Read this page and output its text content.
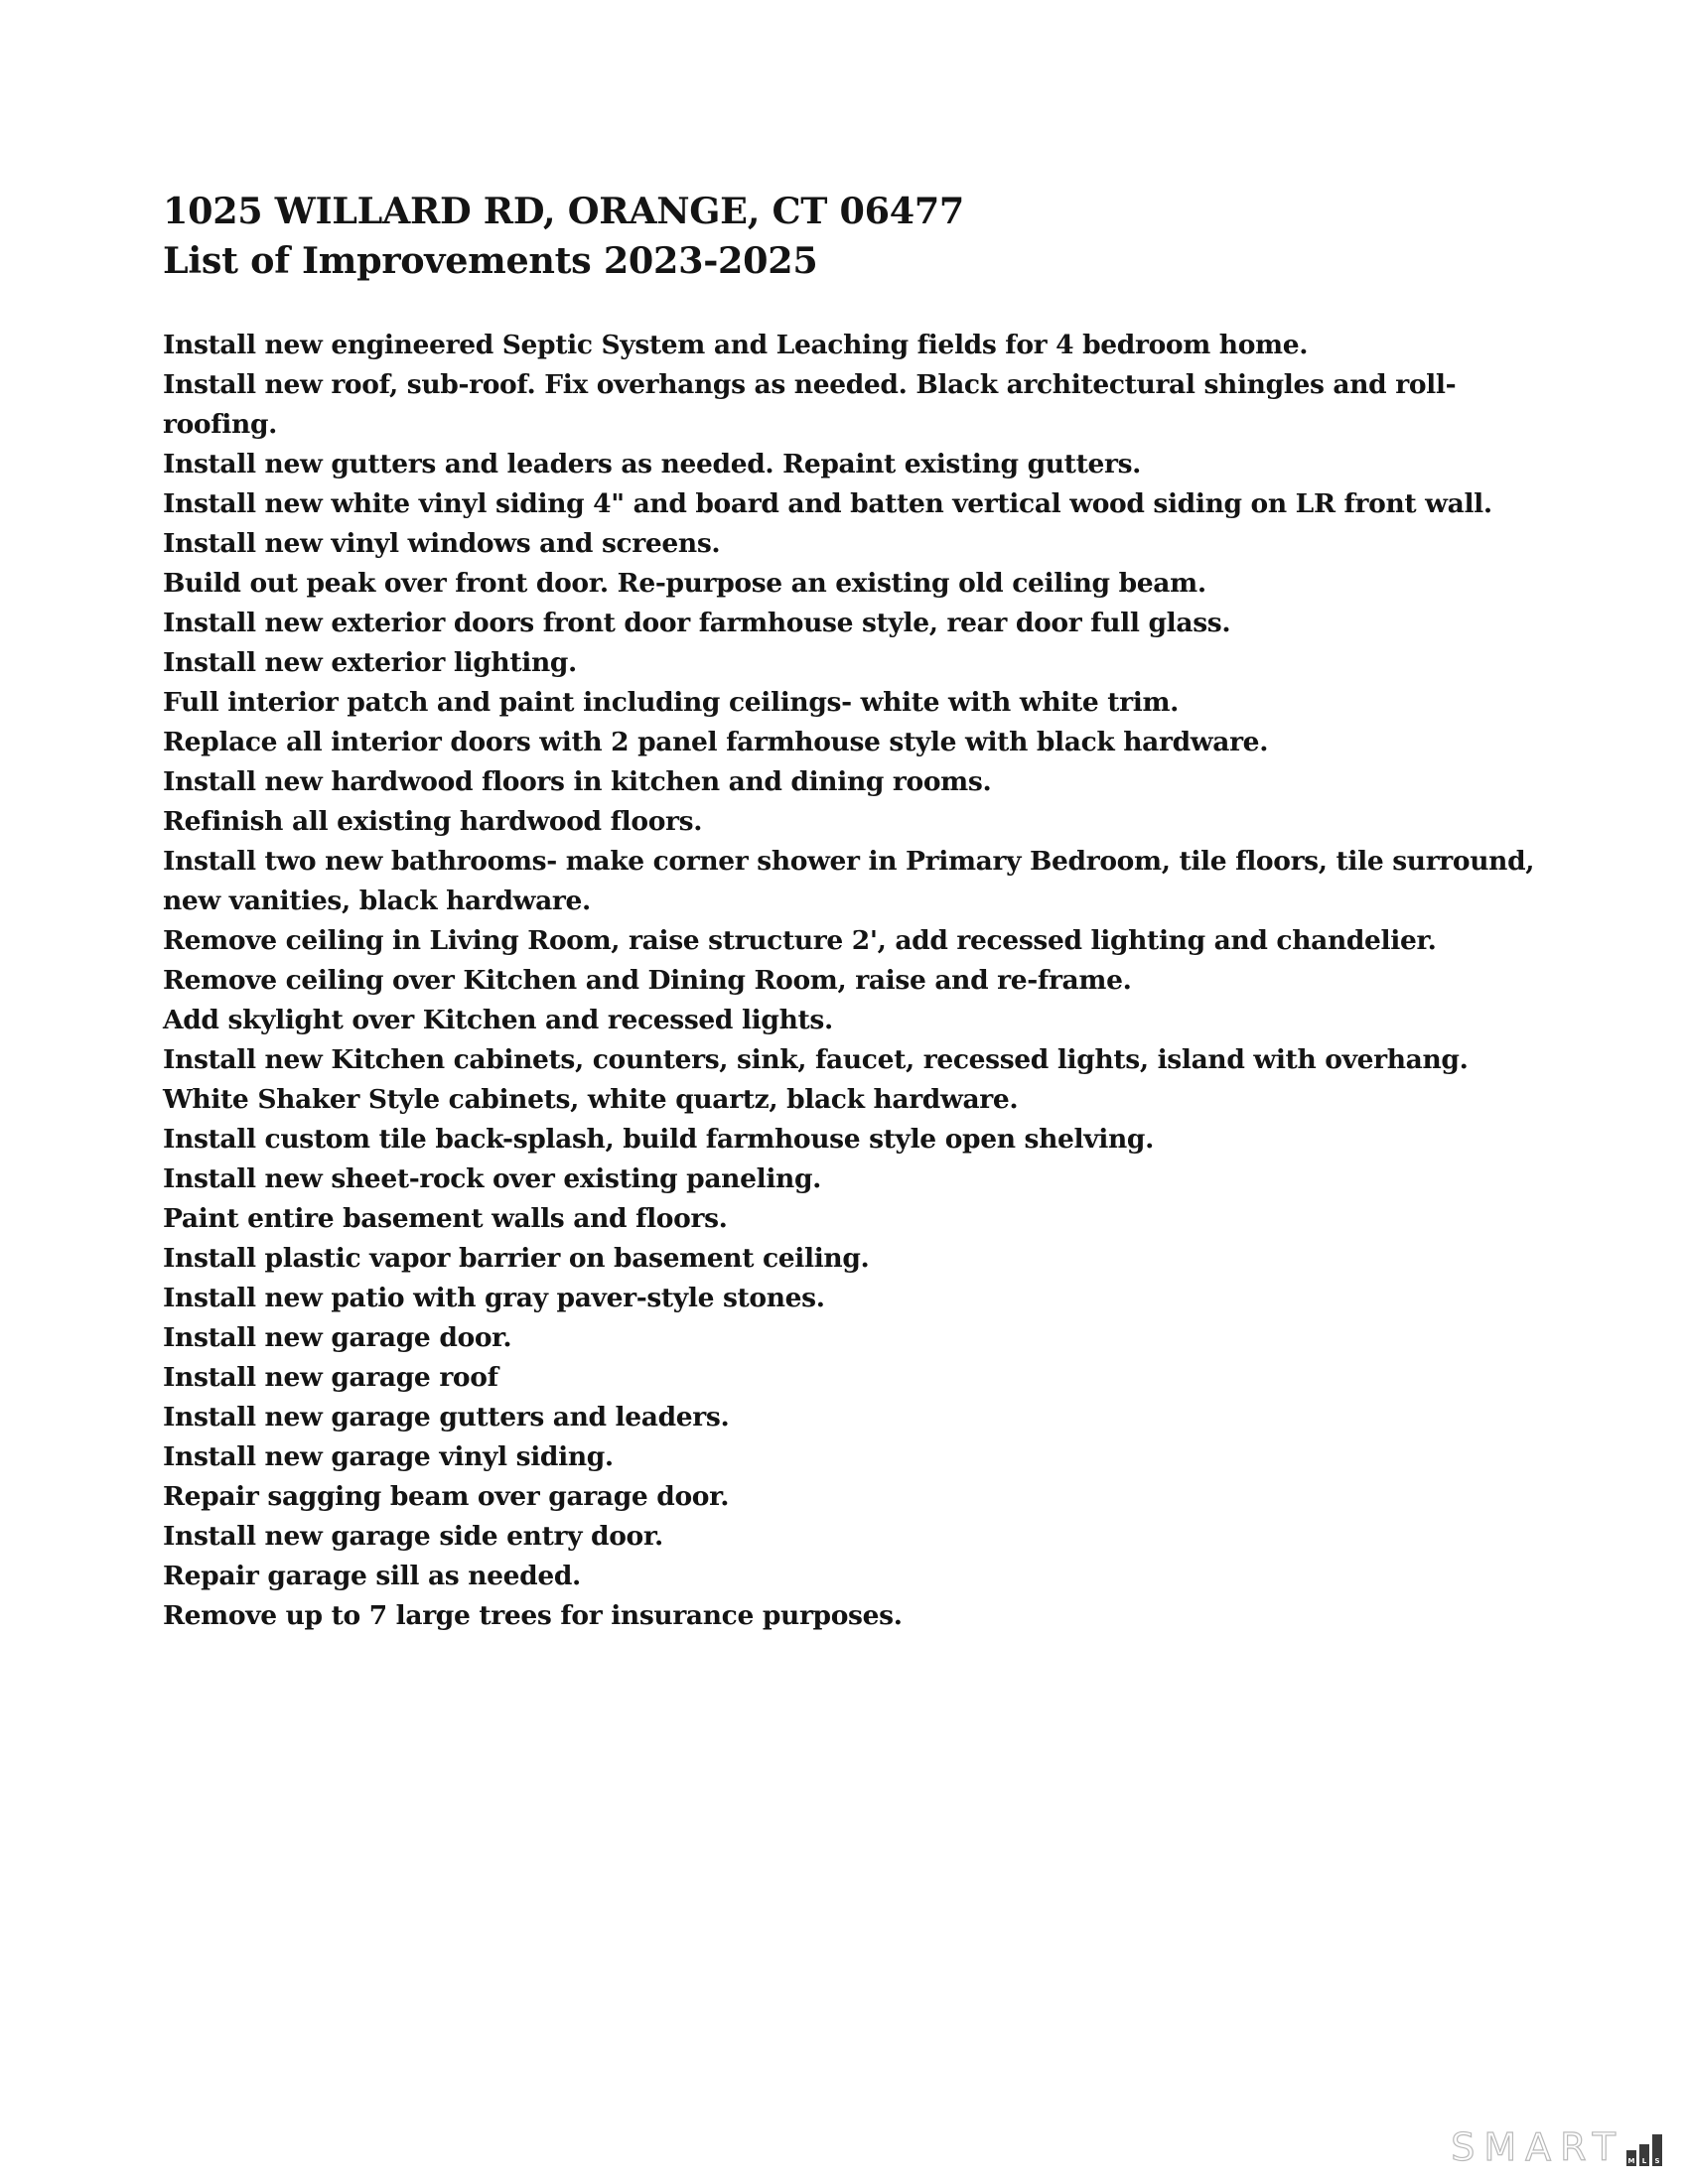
1025 WILLARD RD, ORANGE, CT 06477
List of Improvements 2023-2025
Install new engineered Septic System and Leaching fields for 4 bedroom home.
Install new roof, sub-roof. Fix overhangs as needed. Black architectural shingles and roll-roofing.
Install new gutters and leaders as needed. Repaint existing gutters.
Install new white vinyl siding 4" and board and batten vertical wood siding on LR front wall.
Install new vinyl windows and screens.
Build out peak over front door. Re-purpose an existing old ceiling beam.
Install new exterior doors front door farmhouse style, rear door full glass.
Install new exterior lighting.
Full interior patch and paint including ceilings- white with white trim.
Replace all interior doors with 2 panel farmhouse style with black hardware.
Install new hardwood floors in kitchen and dining rooms.
Refinish all existing hardwood floors.
Install two new bathrooms- make corner shower in Primary Bedroom, tile floors, tile surround, new vanities, black hardware.
Remove ceiling in Living Room, raise structure 2', add recessed lighting and chandelier.
Remove ceiling over Kitchen and Dining Room, raise and re-frame.
Add skylight over Kitchen and recessed lights.
Install new Kitchen cabinets, counters, sink, faucet, recessed lights, island with overhang.
White Shaker Style cabinets, white quartz, black hardware.
Install custom tile back-splash, build farmhouse style open shelving.
Install new sheet-rock over existing paneling.
Paint entire basement walls and floors.
Install plastic vapor barrier on basement ceiling.
Install new patio with gray paver-style stones.
Install new garage door.
Install new garage roof
Install new garage gutters and leaders.
Install new garage vinyl siding.
Repair sagging beam over garage door.
Install new garage side entry door.
Repair garage sill as needed.
Remove up to 7 large trees for insurance purposes.
SMART M L S
